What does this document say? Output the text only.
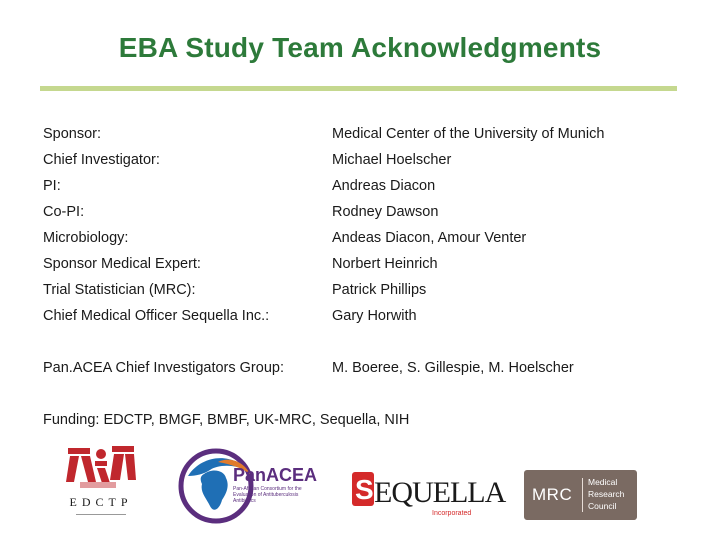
EBA Study Team Acknowledgments
Sponsor:	Medical Center of the University of Munich
Chief Investigator:	Michael Hoelscher
PI:	Andreas Diacon
Co-PI:	Rodney Dawson
Microbiology:	Andeas Diacon, Amour Venter
Sponsor Medical Expert:	Norbert Heinrich
Trial Statistician (MRC):	Patrick Phillips
Chief Medical Officer Sequella Inc.:	Gary Horwith
Pan.ACEA Chief Investigators Group:	M. Boeree, S. Gillespie, M. Hoelscher
Funding: EDCTP, BMGF, BMBF, UK-MRC, Sequella, NIH
EDCTP
PanACEA
Pan-African Consortium for the Evaluation of Antituberculosis Antibiotics	S EQUELLA
Incorporated
MRC
Medical
Research
Council
